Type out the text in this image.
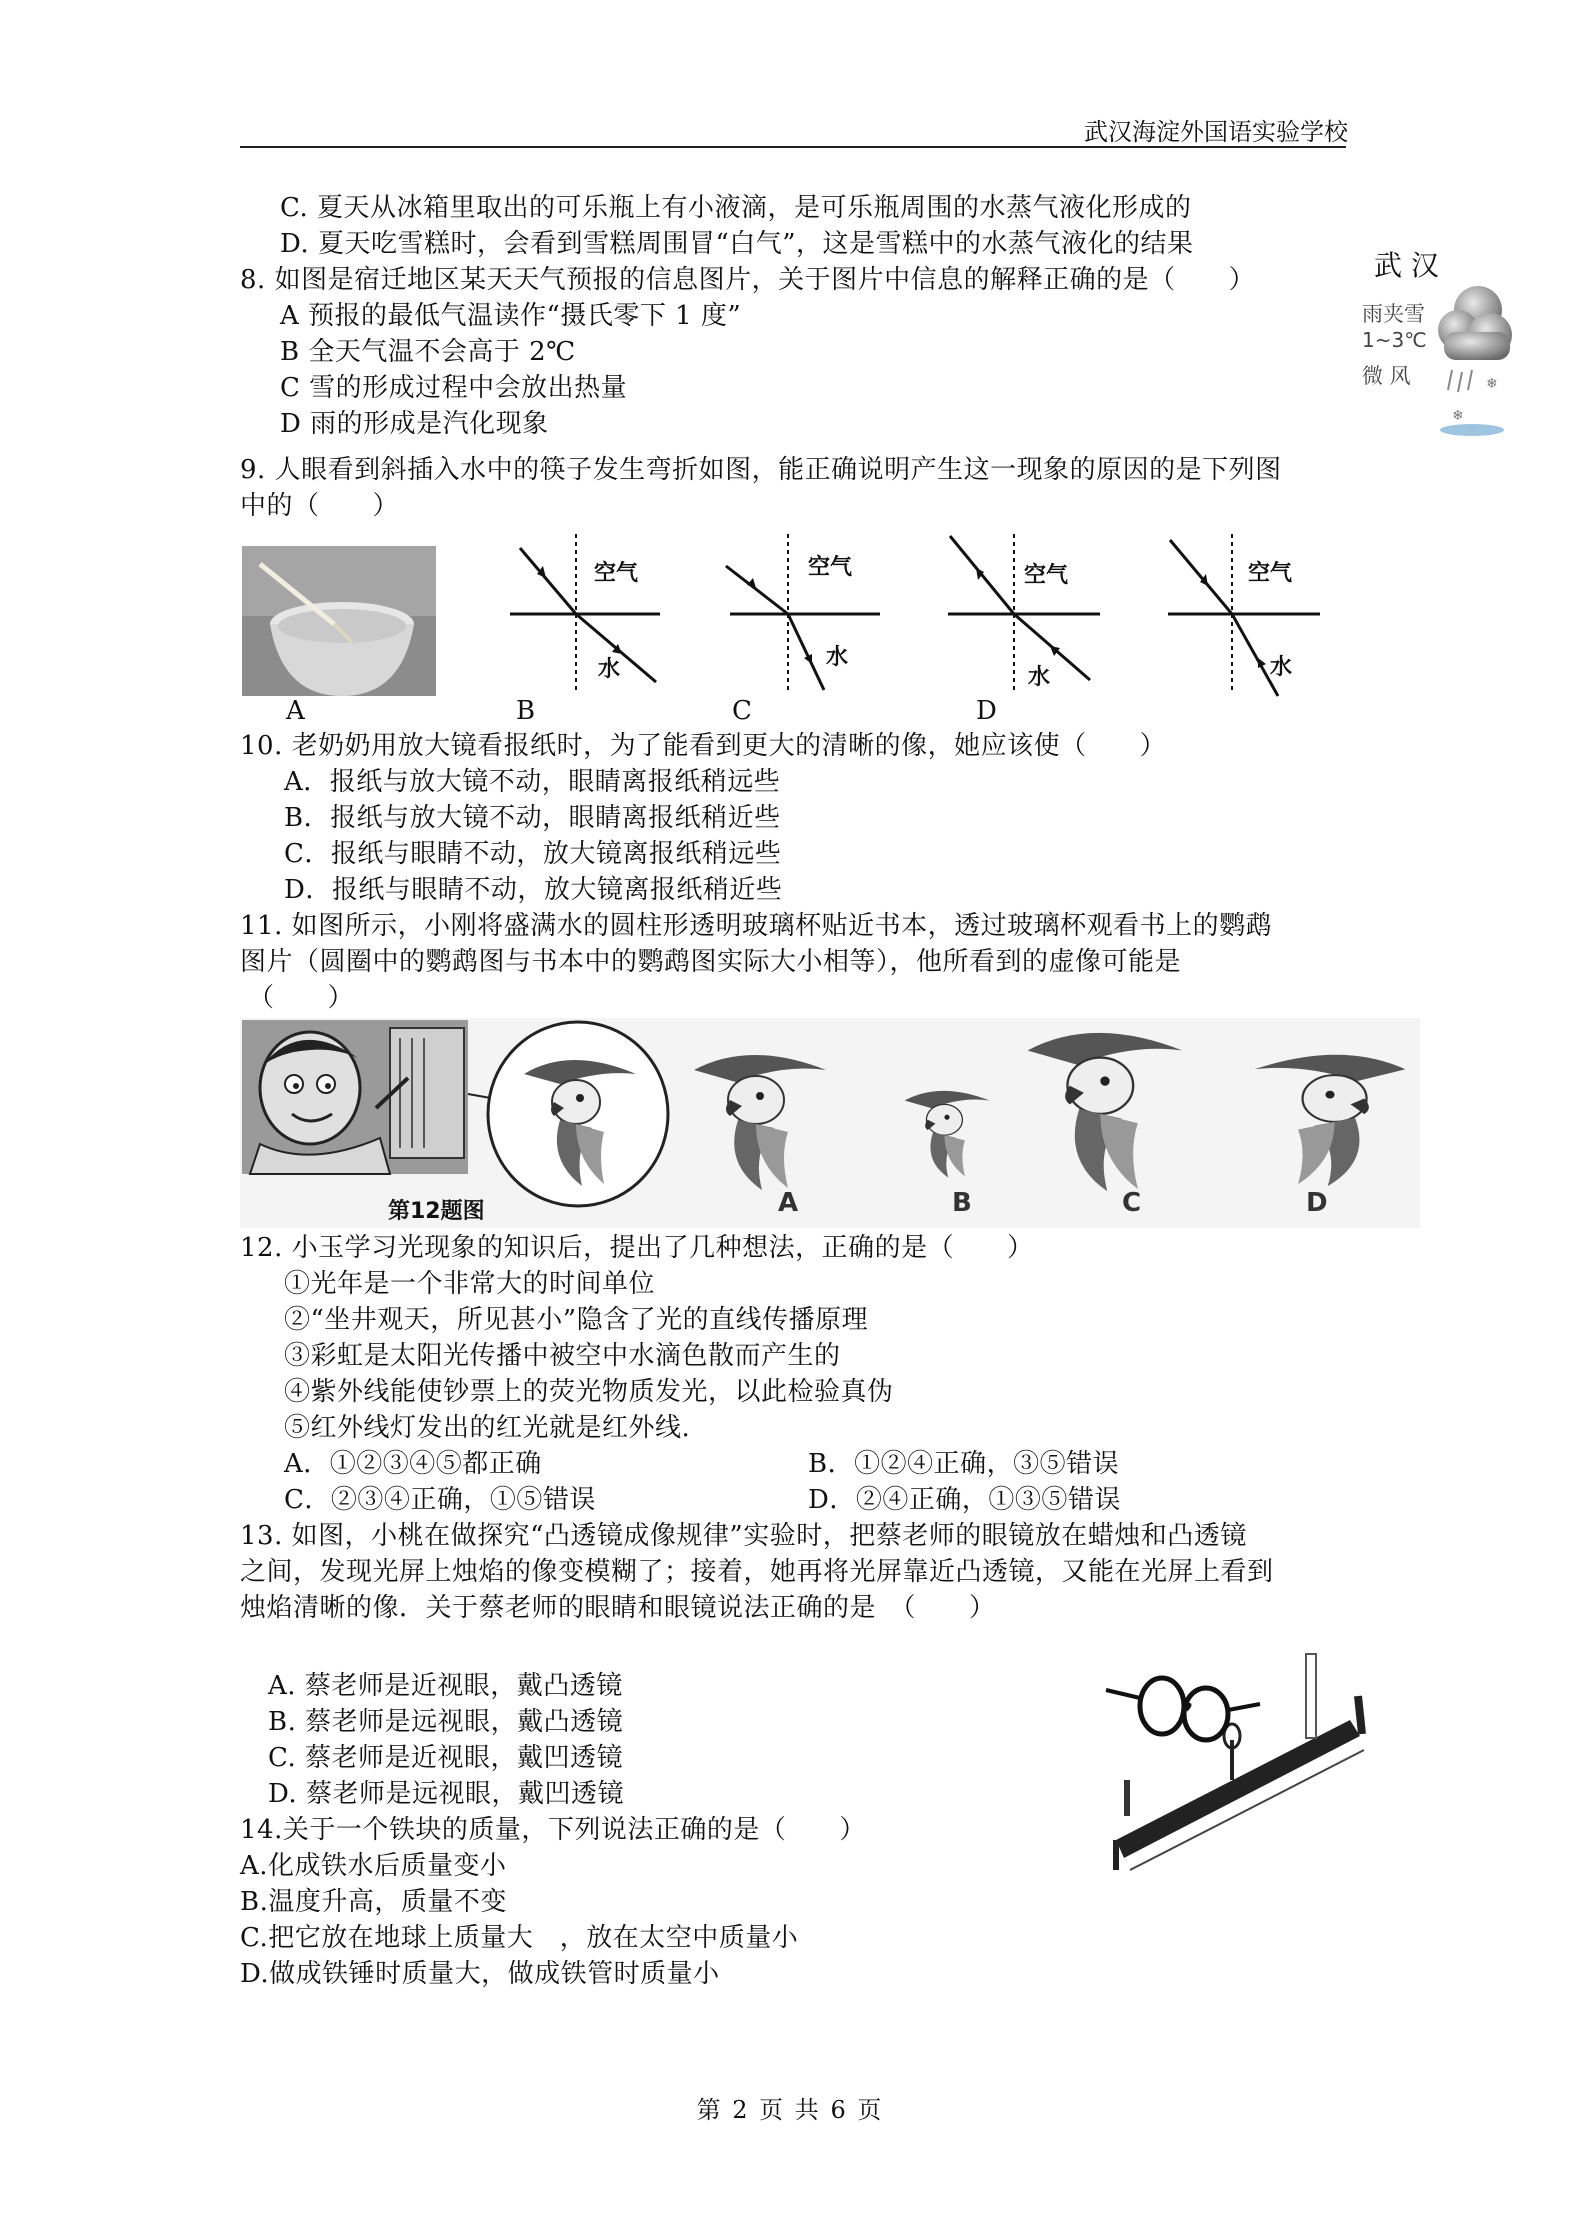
武汉海淀外国语实验学校
C. 夏天从冰箱里取出的可乐瓶上有小液滴，是可乐瓶周围的水蒸气液化形成的
D. 夏天吃雪糕时，会看到雪糕周围冒“白气”，这是雪糕中的水蒸气液化的结果
8. 如图是宿迁地区某天天气预报的信息图片，关于图片中信息的解释正确的是（　　）
A 预报的最低气温读作“摄氏零下 1 度”
B 全天气温不会高于 2℃
C 雪的形成过程中会放出热量
D 雨的形成是汽化现象
武 汉
雨夹雪
1~3℃
微 风	❄
❄
9. 人眼看到斜插入水中的筷子发生弯折如图，能正确说明产生这一现象的原因的是下列图
中的（　　）
空气
水
空气
水
空气
水
空气
水
A	B	C	D
10. 老奶奶用放大镜看报纸时，为了能看到更大的清晰的像，她应该使（　　）
A．报纸与放大镜不动，眼睛离报纸稍远些
B．报纸与放大镜不动，眼睛离报纸稍近些
C．报纸与眼睛不动，放大镜离报纸稍远些
D．报纸与眼睛不动，放大镜离报纸稍近些
11. 如图所示，小刚将盛满水的圆柱形透明玻璃杯贴近书本，透过玻璃杯观看书上的鹦鹉
图片（圆圈中的鹦鹉图与书本中的鹦鹉图实际大小相等），他所看到的虚像可能是
（　　）
第12题图	A	B	C	D
12. 小玉学习光现象的知识后，提出了几种想法，正确的是（　　）
①光年是一个非常大的时间单位
②“坐井观天，所见甚小”隐含了光的直线传播原理
③彩虹是太阳光传播中被空中水滴色散而产生的
④紫外线能使钞票上的荧光物质发光，以此检验真伪
⑤红外线灯发出的红光就是红外线.
A．①②③④⑤都正确	B．①②④正确，③⑤错误
C．②③④正确，①⑤错误	D．②④正确，①③⑤错误
13. 如图，小桃在做探究“凸透镜成像规律”实验时，把蔡老师的眼镜放在蜡烛和凸透镜
之间，发现光屏上烛焰的像变模糊了；接着，她再将光屏靠近凸透镜，又能在光屏上看到
烛焰清晰的像．关于蔡老师的眼睛和眼镜说法正确的是　（　　）
A. 蔡老师是近视眼，戴凸透镜
B. 蔡老师是远视眼，戴凸透镜
C. 蔡老师是近视眼，戴凹透镜
D. 蔡老师是远视眼，戴凹透镜
14.关于一个铁块的质量，下列说法正确的是（　　）
A.化成铁水后质量变小
B.温度升高，质量不变
C.把它放在地球上质量大　，放在太空中质量小
D.做成铁锤时质量大，做成铁管时质量小
第 2 页 共 6 页
